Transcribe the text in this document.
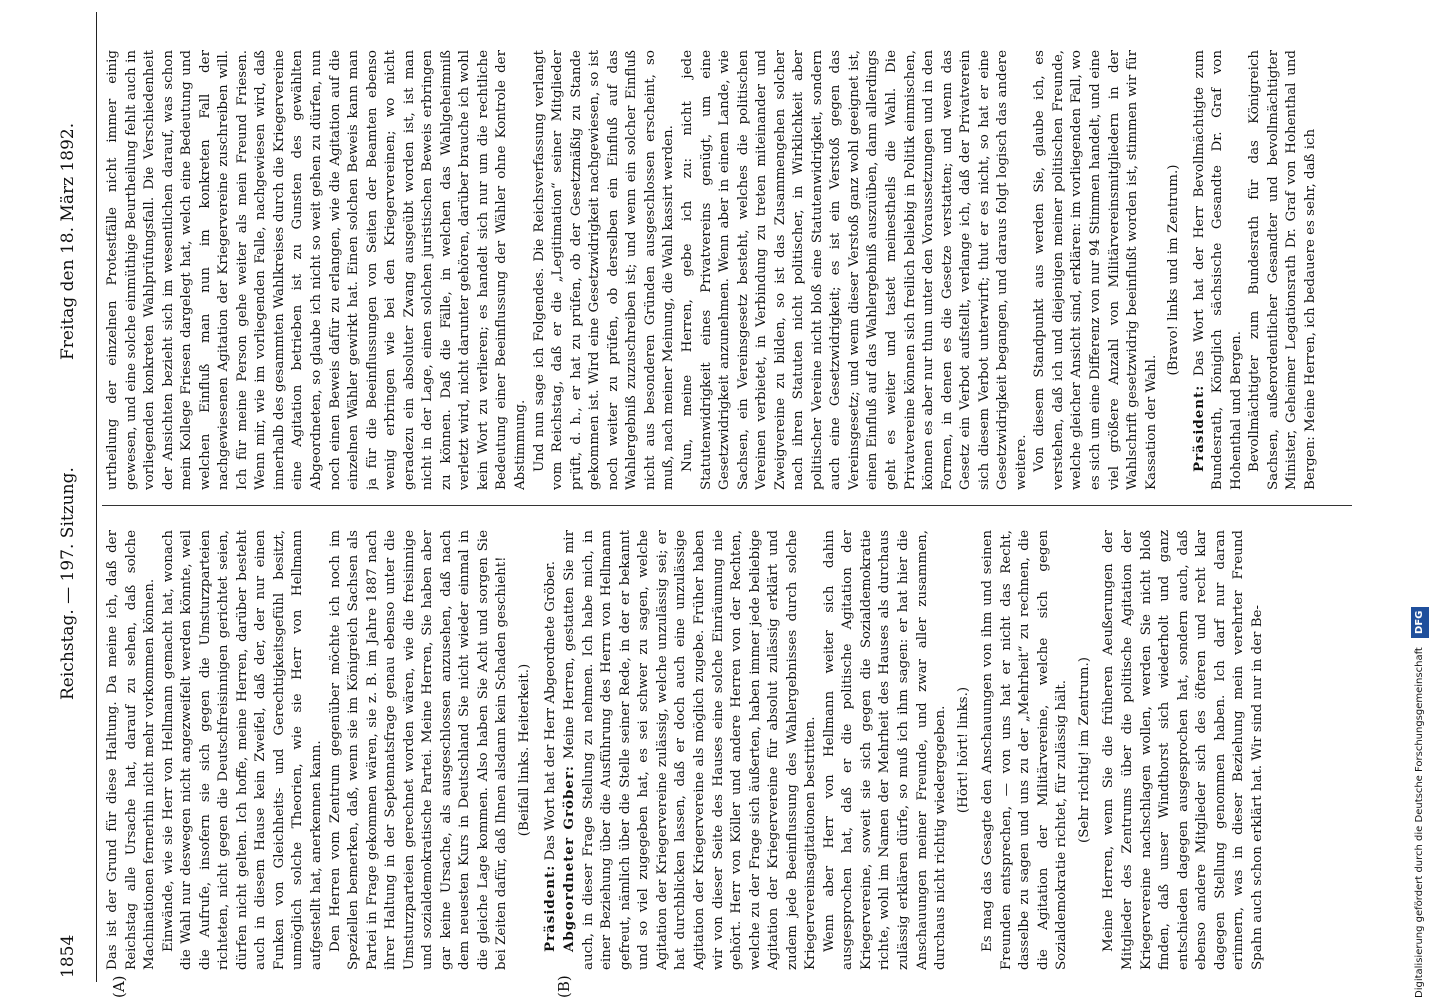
1854
Reichstag. — 197. Sitzung.
Freitag den 18. März 1892.
(A)	(B)

Das ist der Grund für diese Haltung. Da meine ich, daß der Reichstag alle Ursache hat, darauf zu sehen, daß solche Machinationen fernerhin nicht mehr vorkommen können. Einwände, wie sie Herr von Hellmann gemacht hat, wonach die Wahl nur deswegen nicht angezweifelt werden könnte, weil die Aufrufe, insofern sie sich gegen die Umsturzparteien richteten, nicht gegen die Deutschfreisinnigen gerichtet seien, dürfen nicht gelten. Ich hoffe, meine Herren, darüber besteht auch in diesem Hause kein Zweifel, daß der, der nur einen Funken von Gleichheits- und Gerechtigkeitsgefühl besitzt, unmöglich solche Theorien, wie sie Herr von Hellmann aufgestellt hat, anerkennen kann. Den Herren vom Zentrum gegenüber möchte ich noch im Speziellen bemerken, daß, wenn sie im Königreich Sachsen als Partei in Frage gekommen wären, sie z. B. im Jahre 1887 nach ihrer Haltung in der Septennatsfrage genau ebenso unter die Umsturzparteien gerechnet worden wären, wie die freisinnige und sozialdemokratische Partei. Meine Herren, Sie haben aber gar keine Ursache, als ausgeschlossen anzusehen, daß nach dem neuesten Kurs in Deutschland Sie nicht wieder einmal in die gleiche Lage kommen. Also haben Sie Acht und sorgen Sie bei Zeiten dafür, daß Ihnen alsdann kein Schaden geschieht! (Beifall links. Heiterkeit.)

Präsident: Das Wort hat der Herr Abgeordnete Gröber. Abgeordneter Gröber: Meine Herren, gestatten Sie mir auch, in dieser Frage Stellung zu nehmen. Ich habe mich, in einer Beziehung über die Ausführung des Herrn von Hellmann gefreut, nämlich über die Stelle seiner Rede, in der er bekannt und so viel zugegeben hat, es sei schwer zu sagen, welche Agitation der Kriegervereine zulässig, welche unzulässig sei; er hat durchblicken lassen, daß er doch auch eine unzulässige Agitation der Kriegervereine als möglich zugebe. Früher haben wir von dieser Seite des Hauses eine solche Einräumung nie gehört. Herr von Köller und andere Herren von der Rechten, welche zu der Frage sich äußerten, haben immer jede beliebige Agitation der Kriegervereine für absolut zulässig erklärt und zudem jede Beeinflussung des Wahlergebnisses durch solche Kriegervereinsagitationen bestritten. Wenn aber Herr von Hellmann weiter sich dahin ausgesprochen hat, daß er die politische Agitation der Kriegervereine, soweit sie sich gegen die Sozialdemokratie richte, wohl im Namen der Mehrheit des Hauses als durchaus zulässig erklären dürfe, so muß ich ihm sagen: er hat hier die Anschauungen meiner Freunde, und zwar aller zusammen, durchaus nicht richtig wiedergegeben. (Hört! hört! links.) Es mag das Gesagte den Anschauungen von ihm und seinen Freunden entsprechen, — von uns hat er nicht das Recht, dasselbe zu sagen und uns zu der „Mehrheit“ zu rechnen, die die Agitation der Militärvereine, welche sich gegen Sozialdemokratie richtet, für zulässig hält. (Sehr richtig! im Zentrum.) Meine Herren, wenn Sie die früheren Aeußerungen der Mitglieder des Zentrums über die politische Agitation der Kriegervereine nachschlagen wollen, werden Sie nicht bloß finden, daß unser Windthorst sich wiederholt und ganz entschieden dagegen ausgesprochen hat, sondern auch, daß ebenso andere Mitglieder sich des öfteren und recht klar dagegen Stellung genommen haben. Ich darf nur daran erinnern, was in dieser Beziehung mein verehrter Freund Spahn auch schon erklärt hat. Wir sind nur in der Be-

urtheilung der einzelnen Protestfälle nicht immer einig gewesen, und eine solche einmüthige Beurtheilung fehlt auch in vorliegenden konkreten Wahlprüfungsfall. Die Verschiedenheit der Ansichten bezieht sich im wesentlichen darauf, was schon mein Kollege Friesen dargelegt hat, welch eine Bedeutung und welchen Einfluß man nun im konkreten Fall der nachgewiesenen Agitation der Kriegervereine zuschreiben will. Ich für meine Person gehe weiter als mein Freund Friesen. Wenn mir, wie im vorliegenden Falle, nachgewiesen wird, daß innerhalb des gesammten Wahlkreises durch die Kriegervereine eine Agitation betrieben ist zu Gunsten des gewählten Abgeordneten, so glaube ich nicht so weit gehen zu dürfen, nun noch einen Beweis dafür zu erlangen, wie die Agitation auf die einzelnen Wähler gewirkt hat. Einen solchen Beweis kann man ja für die Beeinflussungen von Seiten der Beamten ebenso wenig erbringen wie bei den Kriegervereinen; wo nicht geradezu ein absoluter Zwang ausgeübt worden ist, ist man nicht in der Lage, einen solchen juristischen Beweis erbringen zu können. Daß die Fälle, in welchen das Wahlgeheimniß verletzt wird, nicht darunter gehören, darüber brauche ich wohl kein Wort zu verlieren; es handelt sich nur um die rechtliche Bedeutung einer Beeinflussung der Wähler ohne Kontrole der Abstimmung. Und nun sage ich Folgendes. Die Reichsverfassung verlangt vom Reichstag, daß er die „Legitimation“ seiner Mitglieder prüft, d. h., er hat zu prüfen, ob der Gesetzmäßig zu Stande gekommen ist. Wird eine Gesetzwidrigkeit nachgewiesen, so ist noch weiter zu prüfen, ob derselben ein Einfluß auf das Wahlergebniß zuzuschreiben ist; und wenn ein solcher Einfluß nicht aus besonderen Gründen ausgeschlossen erscheint, so muß, nach meiner Meinung, die Wahl kassirt werden. Nun, meine Herren, gebe ich zu: nicht jede Statutenwidrigkeit eines Privatvereins genügt, um eine Gesetzwidrigkeit anzunehmen. Wenn aber in einem Lande, wie Sachsen, ein Vereinsgesetz besteht, welches die politischen Vereinen verbietet, in Verbindung zu treten miteinander und Zweigvereine zu bilden, so ist das Zusammengehen solcher nach ihren Statuten nicht politischer, in Wirklichkeit aber politischer Vereine nicht bloß eine Statutenwidrigkeit, sondern auch eine Gesetzwidrigkeit; es ist ein Verstoß gegen das Vereinsgesetz; und wenn dieser Verstoß ganz wohl geeignet ist, einen Einfluß auf das Wahlergebniß auszuüben, dann allerdings geht es weiter und tastet meinestheils die Wahl. Die Privatvereine können sich freilich beliebig in Politik einmischen, können es aber nur thun unter den Voraussetzungen und in den Formen, in denen es die Gesetze verstatten; und wenn das Gesetz ein Verbot aufstellt, verlange ich, daß der Privatverein sich diesem Verbot unterwirft; thut er es nicht, so hat er eine Gesetzwidrigkeit begangen, und daraus folgt logisch das andere weitere. Von diesem Standpunkt aus werden Sie, glaube ich, es verstehen, daß ich und diejenigen meiner politischen Freunde, welche gleicher Ansicht sind, erklären: im vorliegenden Fall, wo es sich um eine Differenz von nur 94 Stimmen handelt, und eine viel größere Anzahl von Militärvereinsmitgliedern in der Wahlschrift gesetzwidrig beeinflußt worden ist, stimmen wir für Kassation der Wahl.

(Bravo! links und im Zentrum.)

Präsident: Das Wort hat der Herr Bevollmächtigte zum Bundesrath, Königlich sächsische Gesandte Dr. Graf von Hohenthal und Bergen. Bevollmächtigter zum Bundesrath für das Königreich Sachsen, außerordentlicher Gesandter und bevollmächtigter Minister, Geheimer Legationsrath Dr. Graf von Hohenthal und Bergen: Meine Herren, ich bedauere es sehr, daß ich

Digitalisierung gefördert durch die Deutsche Forschungsgemeinschaft DFG
